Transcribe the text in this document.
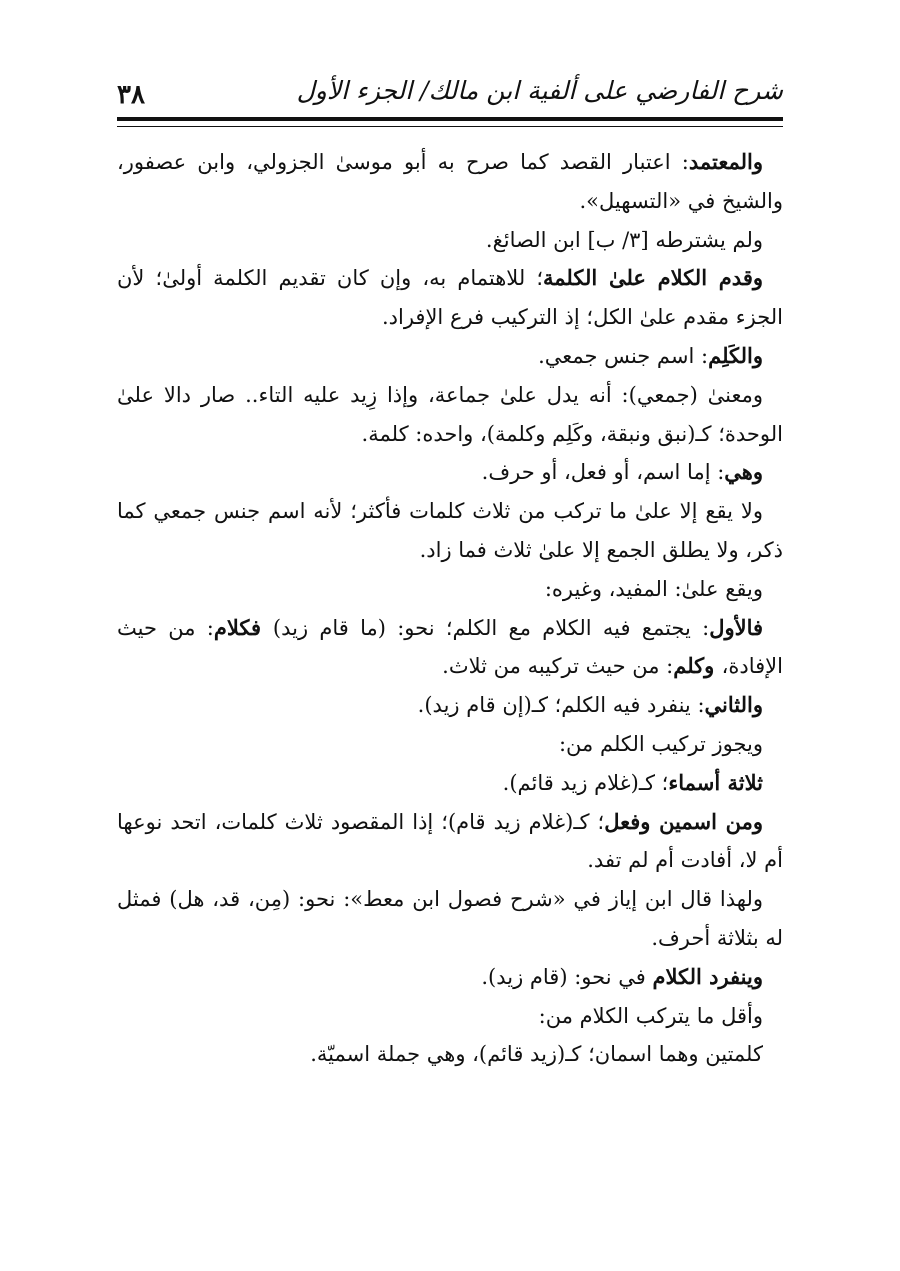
شرح الفارضي على ألفية ابن مالك/ الجزء الأول
٣٨

والمعتمد: اعتبار القصد كما صرح به أبو موسىٰ الجزولي، وابن عصفور، والشيخ في «التسهيل».

ولم يشترطه [٣/ ب] ابن الصائغ.

وقدم الكلام علىٰ الكلمة؛ للاهتمام به، وإن كان تقديم الكلمة أولىٰ؛ لأن الجزء مقدم علىٰ الكل؛ إذ التركيب فرع الإفراد.

والكَلِم: اسم جنس جمعي.

ومعنىٰ (جمعي): أنه يدل علىٰ جماعة، وإذا زِيد عليه التاء.. صار دالا علىٰ الوحدة؛ كـ(نبق ونبقة، وكَلِم وكلمة)، واحده: كلمة.

وهي: إما اسم، أو فعل، أو حرف.

ولا يقع إلا علىٰ ما تركب من ثلاث كلمات فأكثر؛ لأنه اسم جنس جمعي كما ذكر، ولا يطلق الجمع إلا علىٰ ثلاث فما زاد.

ويقع علىٰ: المفيد، وغيره:

فالأول: يجتمع فيه الكلام مع الكلم؛ نحو: (ما قام زيد) فكلام: من حيث الإفادة، وكلم: من حيث تركيبه من ثلاث.

والثاني: ينفرد فيه الكلم؛ كـ(إن قام زيد).

ويجوز تركيب الكلم من:

ثلاثة أسماء؛ كـ(غلام زيد قائم).

ومن اسمين وفعل؛ كـ(غلام زيد قام)؛ إذا المقصود ثلاث كلمات، اتحد نوعها أم لا، أفادت أم لم تفد.

ولهذا قال ابن إياز في «شرح فصول ابن معط»: نحو: (مِن، قد، هل) فمثل له بثلاثة أحرف.

وينفرد الكلام في نحو: (قام زيد).

وأقل ما يتركب الكلام من:

كلمتين وهما اسمان؛ كـ(زيد قائم)، وهي جملة اسميّة.
